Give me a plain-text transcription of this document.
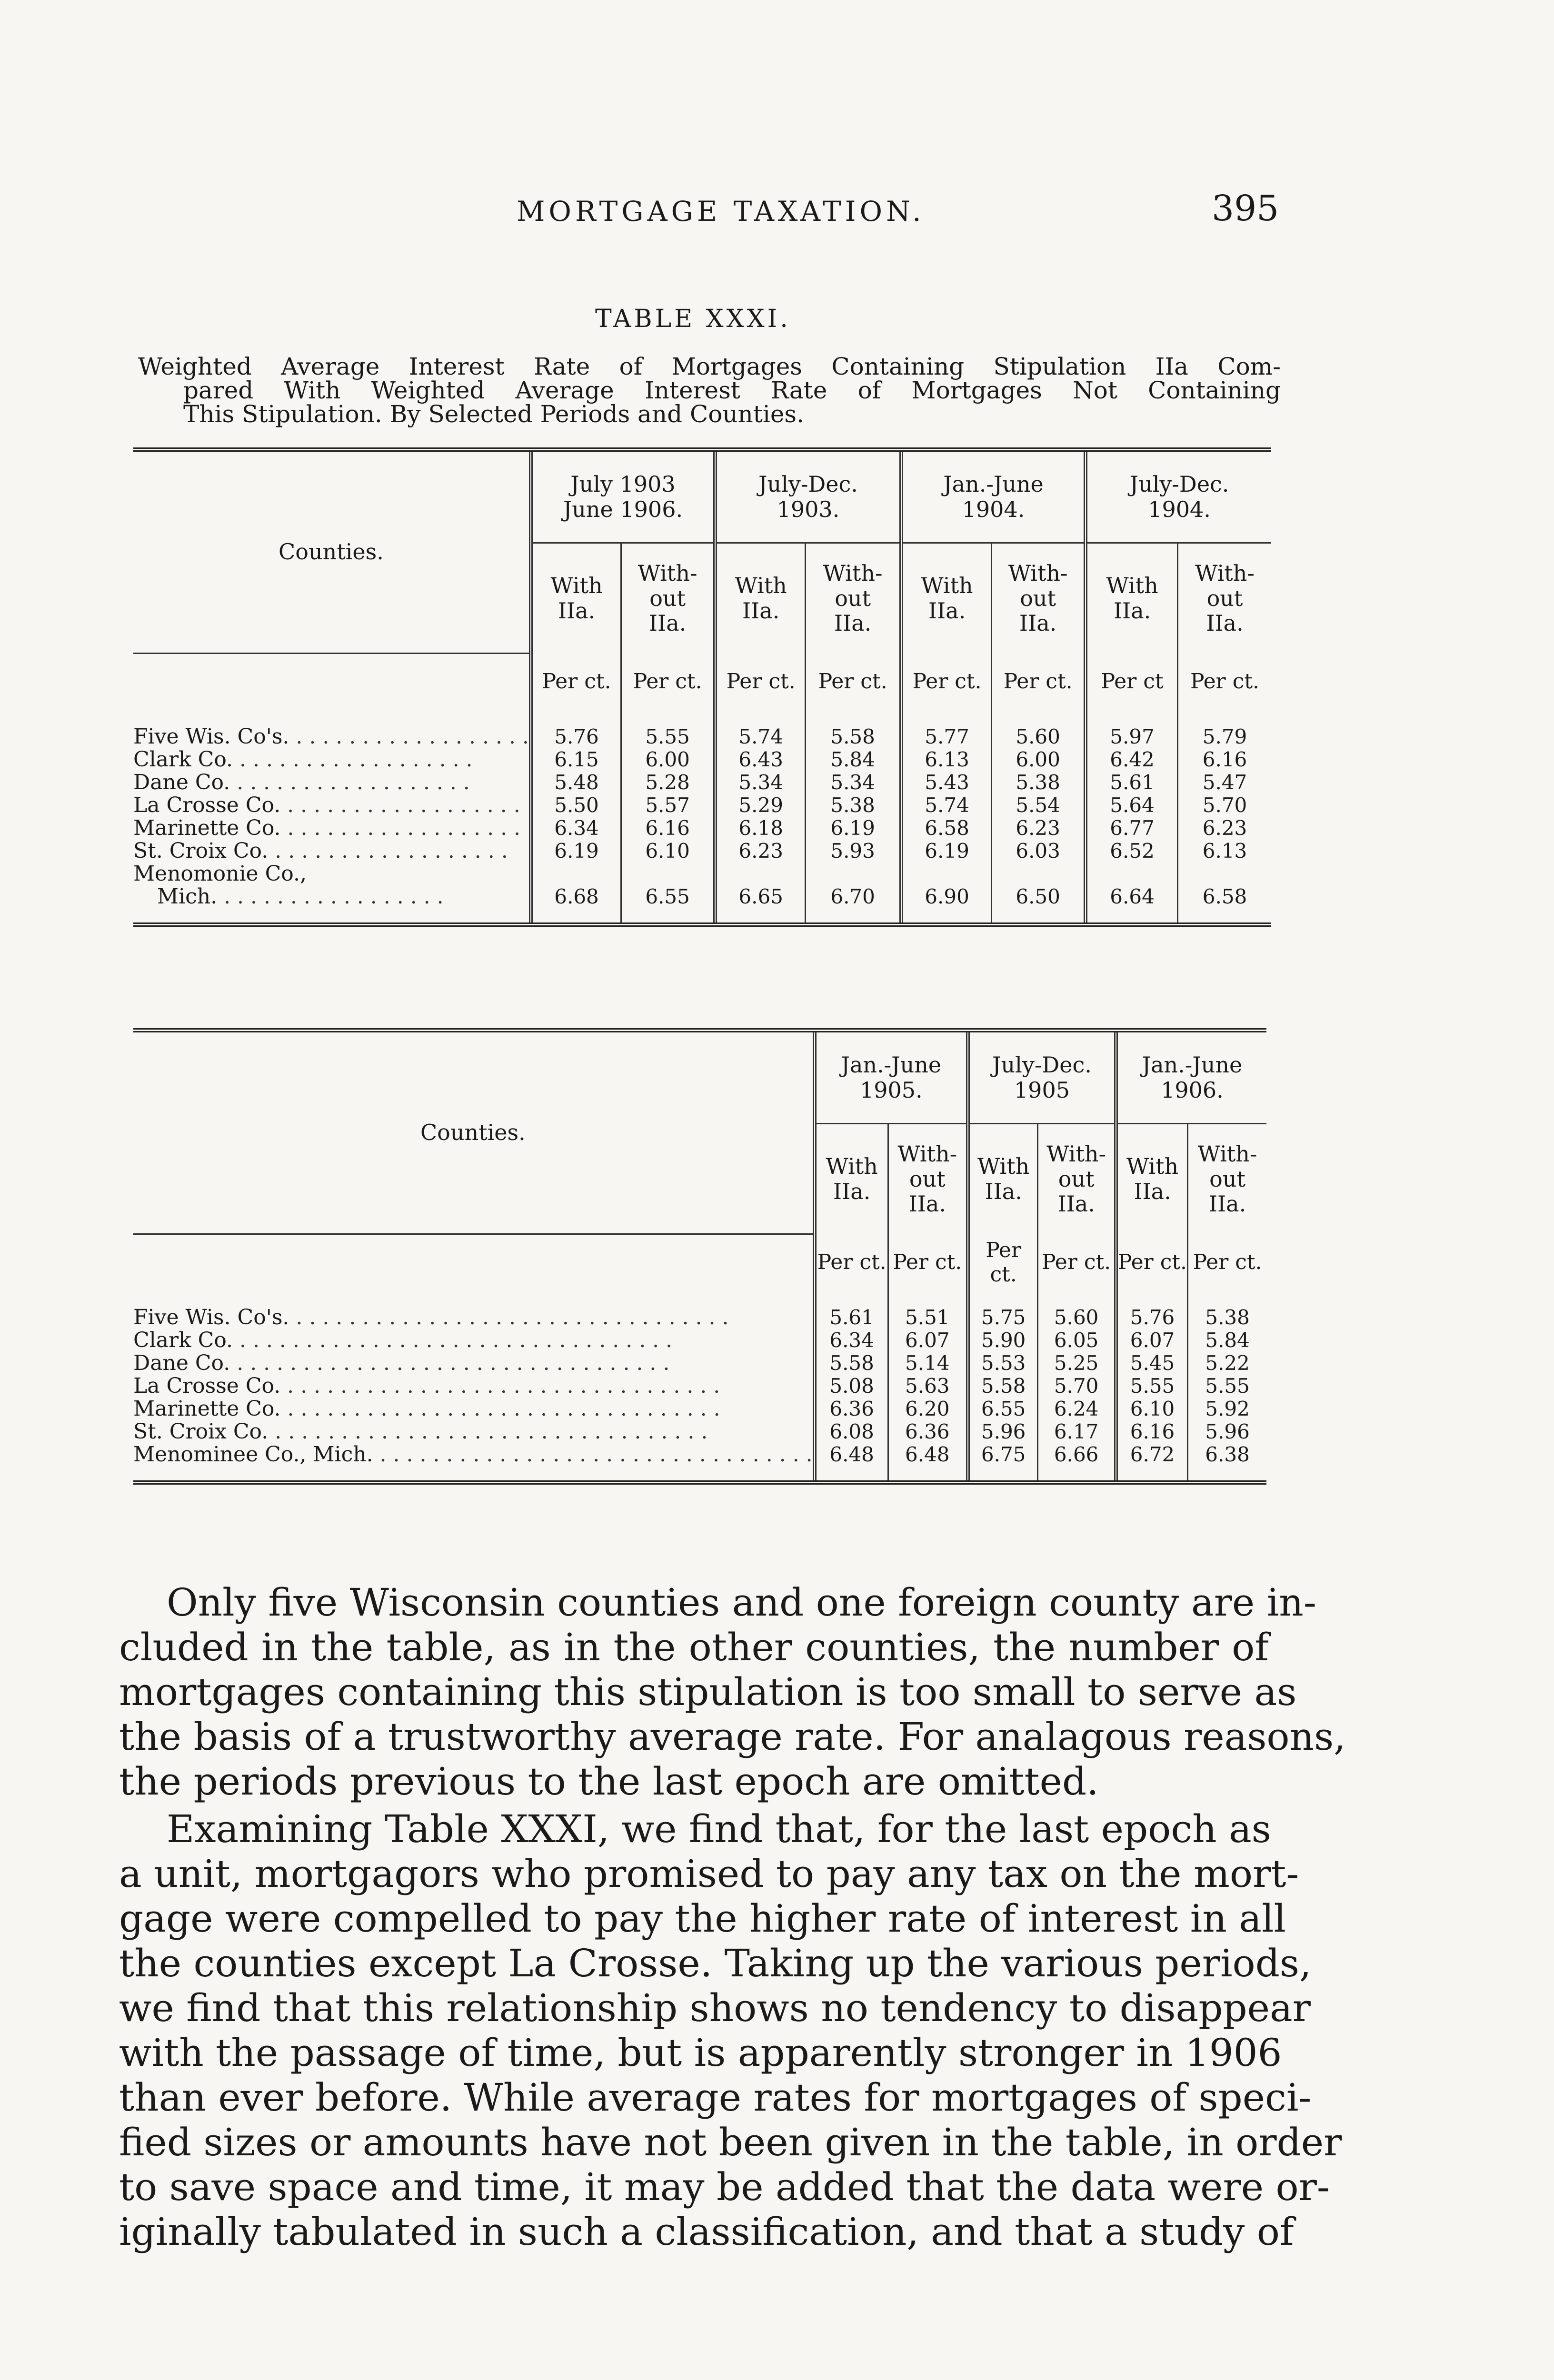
MORTGAGE TAXATION.	395
TABLE XXXI.
Weighted Average Interest Rate of Mortgages Containing Stipulation IIa Com-
pared With Weighted Average Interest Rate of Mortgages Not Containing
This Stipulation. By Selected Periods and Counties.
Counties.	July 1903
June 1906.		July-Dec.
1903.		Jan.-June
1904.		July-Dec.
1904.	
	With
IIa.	With-
out
IIa.	With
IIa.	With-
out
IIa.	With
IIa.	With-
out
IIa.	With
IIa.	With-
out
IIa.
	Per ct.	Per ct.	Per ct.	Per ct.	Per ct.	Per ct.	Per ct	Per ct.
Five Wis. Co's. . . . . . . . . . . . . . . . . . .	5.76	5.55	5.74	5.58	5.77	5.60	5.97	5.79
Clark Co. . . . . . . . . . . . . . . . . . .	6.15	6.00	6.43	5.84	6.13	6.00	6.42	6.16
Dane Co. . . . . . . . . . . . . . . . . . .	5.48	5.28	5.34	5.34	5.43	5.38	5.61	5.47
La Crosse Co. . . . . . . . . . . . . . . . . . .	5.50	5.57	5.29	5.38	5.74	5.54	5.64	5.70
Marinette Co. . . . . . . . . . . . . . . . . . .	6.34	6.16	6.18	6.19	6.58	6.23	6.77	6.23
St. Croix Co. . . . . . . . . . . . . . . . . . .	6.19	6.10	6.23	5.93	6.19	6.03	6.52	6.13
Menomonie Co.,								
Mich. . . . . . . . . . . . . . . . . .	6.68	6.55	6.65	6.70	6.90	6.50	6.64	6.58
Counties.	Jan.-June
1905.		July-Dec.
1905		Jan.-June
1906.	
	With
IIa.	With-
out
IIa.	With
IIa.	With-
out
IIa.	With
IIa.	With-
out
IIa.
	Per ct.	Per ct.	Per ct.	Per ct.	Per ct.	Per ct.
Five Wis. Co's. . . . . . . . . . . . . . . . . . . . . . . . . . . . . . . . . .	5.61	5.51	5.75	5.60	5.76	5.38
Clark Co. . . . . . . . . . . . . . . . . . . . . . . . . . . . . . . . . .	6.34	6.07	5.90	6.05	6.07	5.84
Dane Co. . . . . . . . . . . . . . . . . . . . . . . . . . . . . . . . . .	5.58	5.14	5.53	5.25	5.45	5.22
La Crosse Co. . . . . . . . . . . . . . . . . . . . . . . . . . . . . . . . . .	5.08	5.63	5.58	5.70	5.55	5.55
Marinette Co. . . . . . . . . . . . . . . . . . . . . . . . . . . . . . . . . .	6.36	6.20	6.55	6.24	6.10	5.92
St. Croix Co. . . . . . . . . . . . . . . . . . . . . . . . . . . . . . . . . .	6.08	6.36	5.96	6.17	6.16	5.96
Menominee Co., Mich. . . . . . . . . . . . . . . . . . . . . . . . . . . . . . . . . .	6.48	6.48	6.75	6.66	6.72	6.38
Only five Wisconsin counties and one foreign county are in-
cluded in the table, as in the other counties, the number of
mortgages containing this stipulation is too small to serve as
the basis of a trustworthy average rate. For analagous reasons,
the periods previous to the last epoch are omitted.
Examining Table XXXI, we find that, for the last epoch as
a unit, mortgagors who promised to pay any tax on the mort-
gage were compelled to pay the higher rate of interest in all
the counties except La Crosse. Taking up the various periods,
we find that this relationship shows no tendency to disappear
with the passage of time, but is apparently stronger in 1906
than ever before. While average rates for mortgages of speci-
fied sizes or amounts have not been given in the table, in order
to save space and time, it may be added that the data were or-
iginally tabulated in such a classification, and that a study of
